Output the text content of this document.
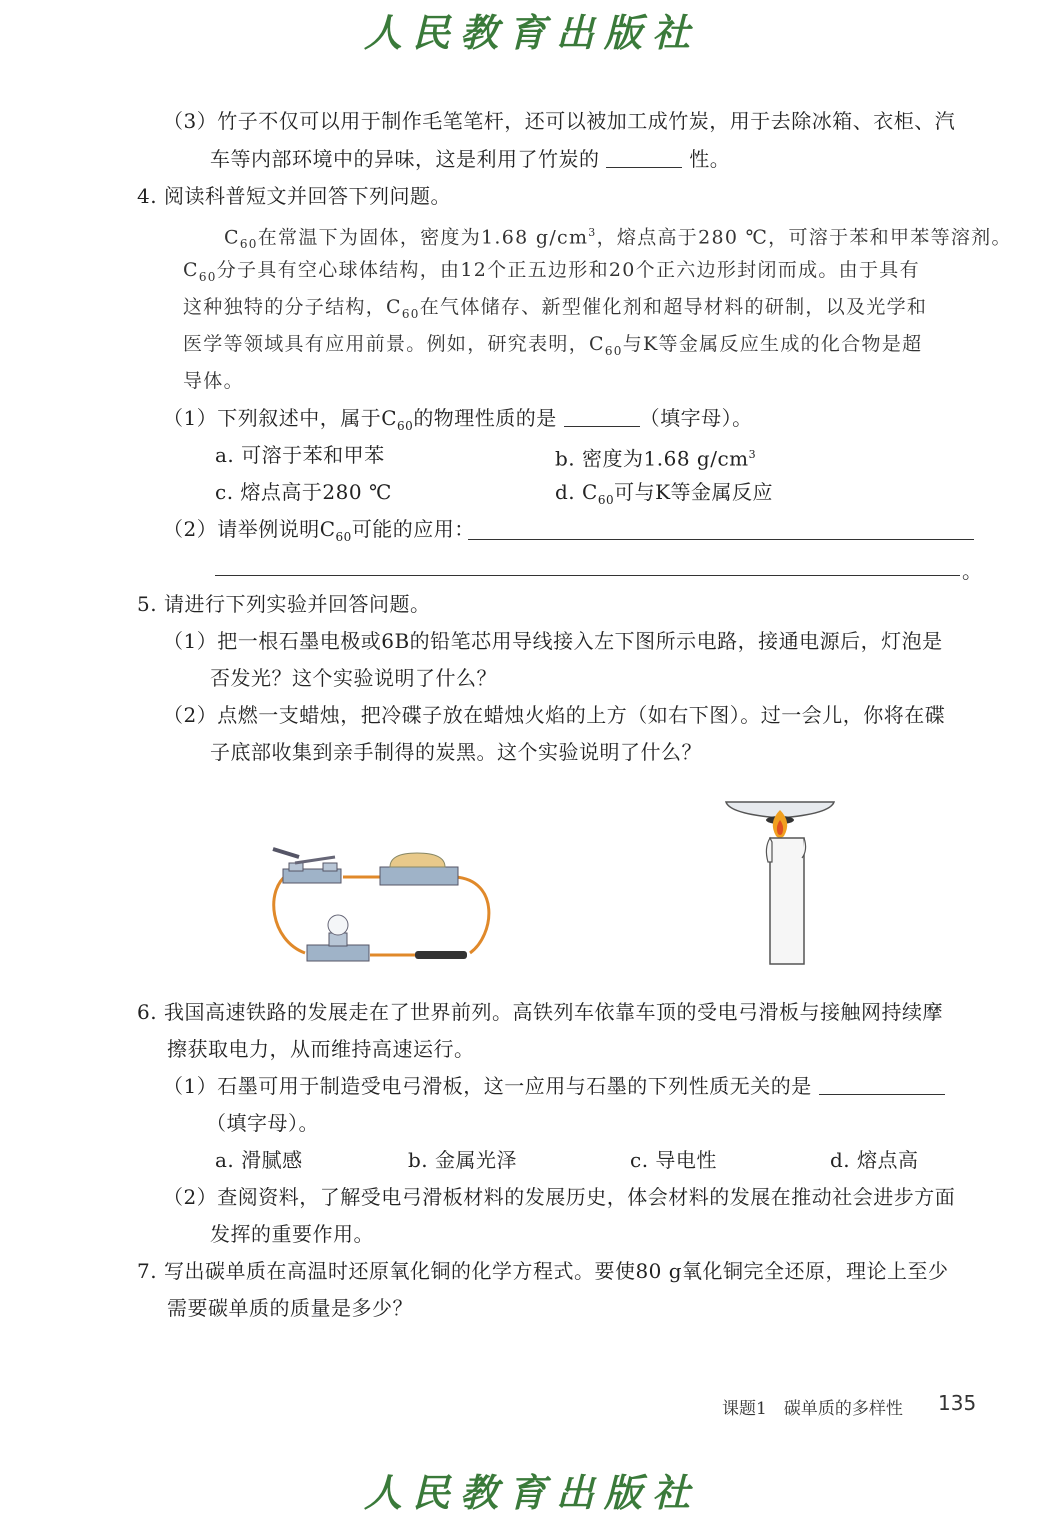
人民教育出版社
（3）竹子不仅可以用于制作毛笔笔杆，还可以被加工成竹炭，用于去除冰箱、衣柜、汽
车等内部环境中的异味，这是利用了竹炭的	性。
4. 阅读科普短文并回答下列问题。
$C_{60}$在常温下为固体，密度为1.68 $g/cm^3$，熔点高于280 ℃，可溶于苯和甲苯等溶剂。
$C_{60}$分子具有空心球体结构，由12个正五边形和20个正六边形封闭而成。由于具有
这种独特的分子结构，$C_{60}$在气体储存、新型催化剂和超导材料的研制，以及光学和
医学等领域具有应用前景。例如，研究表明，$C_{60}$与K等金属反应生成的化合物是超
导体。
（1）下列叙述中，属于$C_{60}$的物理性质的是	（填字母）。
a. 可溶于苯和甲苯	b. 密度为1.68 $g/cm^3$
c. 熔点高于280 ℃	d. $C_{60}$可与K等金属反应
（2）请举例说明$C_{60}$可能的应用：
。
5. 请进行下列实验并回答问题。
（1）把一根石墨电极或6B的铅笔芯用导线接入左下图所示电路，接通电源后，灯泡是
否发光？这个实验说明了什么？
（2）点燃一支蜡烛，把冷碟子放在蜡烛火焰的上方（如右下图）。过一会儿，你将在碟
子底部收集到亲手制得的炭黑。这个实验说明了什么？
6. 我国高速铁路的发展走在了世界前列。高铁列车依靠车顶的受电弓滑板与接触网持续摩
擦获取电力，从而维持高速运行。
（1）石墨可用于制造受电弓滑板，这一应用与石墨的下列性质无关的是
（填字母）。
a. 滑腻感	b. 金属光泽	c. 导电性	d. 熔点高
（2）查阅资料，了解受电弓滑板材料的发展历史，体会材料的发展在推动社会进步方面
发挥的重要作用。
7. 写出碳单质在高温时还原氧化铜的化学方程式。要使80 g氧化铜完全还原，理论上至少
需要碳单质的质量是多少？
课题1　碳单质的多样性 135
人民教育出版社
